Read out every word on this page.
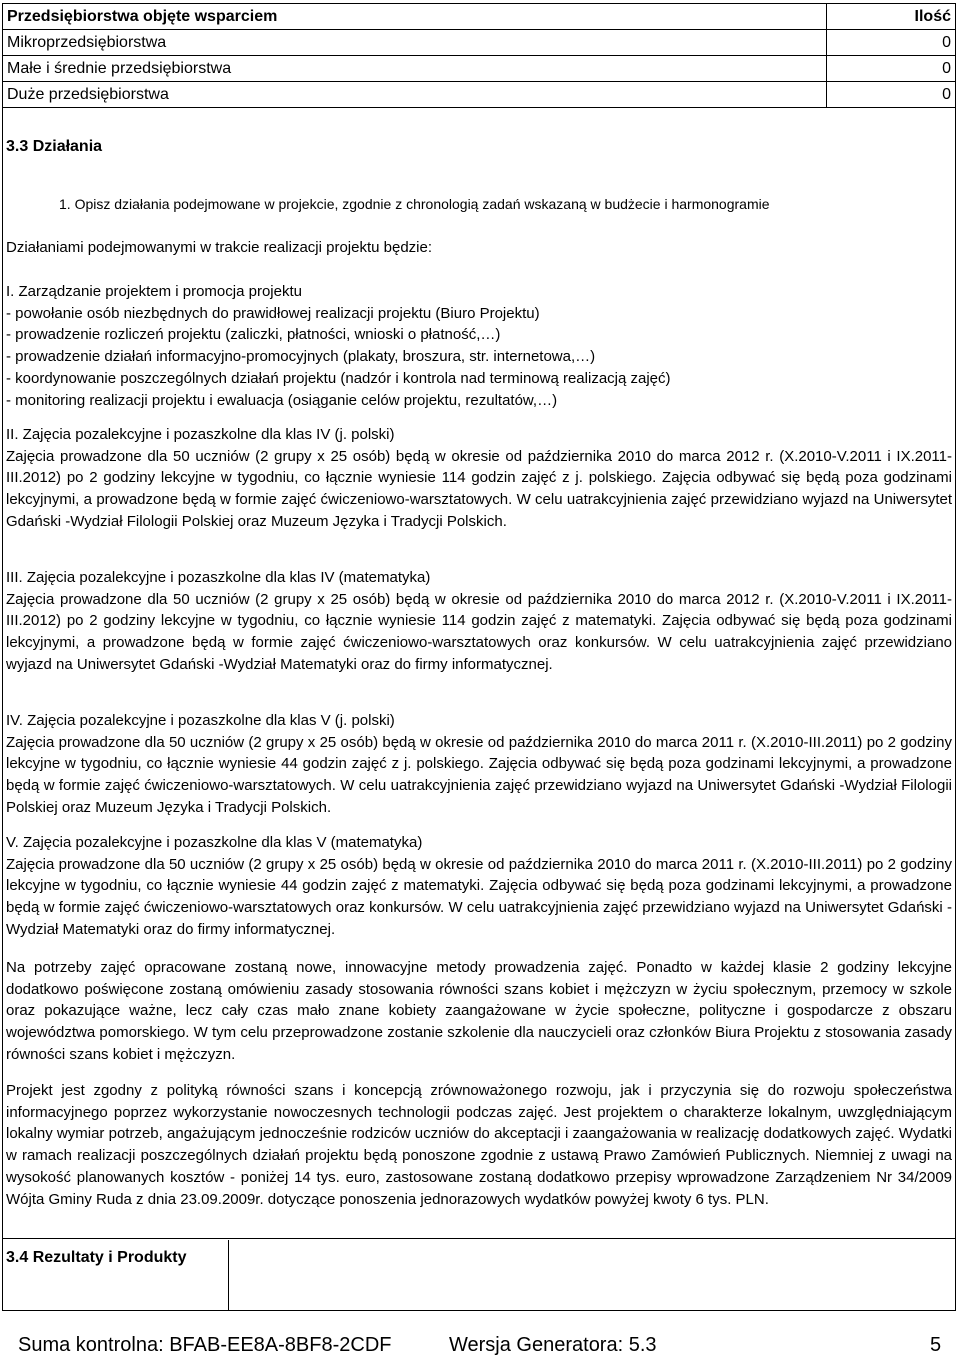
Przedsiębiorstwa objęte wsparciem	Ilość
Mikroprzedsiębiorstwa	0
Małe i średnie przedsiębiorstwa	0
Duże przedsiębiorstwa	0
3.3 Działania
1. Opisz działania podejmowane w projekcie, zgodnie z chronologią zadań wskazaną w budżecie i harmonogramie
Działaniami podejmowanymi w trakcie realizacji projektu będzie:
I. Zarządzanie projektem i promocja projektu
- powołanie osób niezbędnych do prawidłowej realizacji projektu (Biuro Projektu)
- prowadzenie rozliczeń projektu (zaliczki, płatności, wnioski o płatność,…)
- prowadzenie działań informacyjno-promocyjnych (plakaty, broszura, str. internetowa,…)
- koordynowanie poszczególnych działań projektu (nadzór i kontrola nad terminową realizacją zajęć)
- monitoring realizacji projektu i ewaluacja (osiąganie celów projektu, rezultatów,…)
II. Zajęcia pozalekcyjne i pozaszkolne dla klas IV (j. polski)
Zajęcia prowadzone dla 50 uczniów (2 grupy x 25 osób) będą w okresie od października 2010 do marca 2012 r. (X.2010-V.2011 i IX.2011-III.2012) po 2 godziny lekcyjne w tygodniu, co łącznie wyniesie 114 godzin zajęć z j. polskiego. Zajęcia odbywać się będą poza godzinami lekcyjnymi, a prowadzone będą w formie zajęć ćwiczeniowo-warsztatowych. W celu uatrakcyjnienia zajęć przewidziano wyjazd na Uniwersytet Gdański -Wydział Filologii Polskiej oraz Muzeum Języka i Tradycji Polskich.
III. Zajęcia pozalekcyjne i pozaszkolne dla klas IV (matematyka)
Zajęcia prowadzone dla 50 uczniów (2 grupy x 25 osób) będą w okresie od października 2010 do marca 2012 r. (X.2010-V.2011 i IX.2011-III.2012) po 2 godziny lekcyjne w tygodniu, co łącznie wyniesie 114 godzin zajęć z matematyki. Zajęcia odbywać się będą poza godzinami lekcyjnymi, a prowadzone będą w formie zajęć ćwiczeniowo-warsztatowych oraz konkursów. W celu uatrakcyjnienia zajęć przewidziano wyjazd na Uniwersytet Gdański -Wydział Matematyki oraz do firmy informatycznej.
IV. Zajęcia pozalekcyjne i pozaszkolne dla klas V (j. polski)
Zajęcia prowadzone dla 50 uczniów (2 grupy x 25 osób) będą w okresie od października 2010 do marca 2011 r. (X.2010-III.2011) po 2 godziny lekcyjne w tygodniu, co łącznie wyniesie 44 godzin zajęć z j. polskiego. Zajęcia odbywać się będą poza godzinami lekcyjnymi, a prowadzone będą w formie zajęć ćwiczeniowo-warsztatowych. W celu uatrakcyjnienia zajęć przewidziano wyjazd na Uniwersytet Gdański -Wydział Filologii Polskiej oraz Muzeum Języka i Tradycji Polskich.
V. Zajęcia pozalekcyjne i pozaszkolne dla klas V (matematyka)
Zajęcia prowadzone dla 50 uczniów (2 grupy x 25 osób) będą w okresie od października 2010 do marca 2011 r. (X.2010-III.2011) po 2 godziny lekcyjne w tygodniu, co łącznie wyniesie 44 godzin zajęć z matematyki. Zajęcia odbywać się będą poza godzinami lekcyjnymi, a prowadzone będą w formie zajęć ćwiczeniowo-warsztatowych oraz konkursów. W celu uatrakcyjnienia zajęć przewidziano wyjazd na Uniwersytet Gdański -Wydział Matematyki oraz do firmy informatycznej.
Na potrzeby zajęć opracowane zostaną nowe, innowacyjne metody prowadzenia zajęć. Ponadto w każdej klasie 2 godziny lekcyjne dodatkowo poświęcone zostaną omówieniu zasady stosowania równości szans kobiet i mężczyzn w życiu społecznym, przemocy w szkole oraz pokazujące ważne, lecz cały czas mało znane kobiety zaangażowane w życie społeczne, polityczne i gospodarcze z obszaru województwa pomorskiego. W tym celu przeprowadzone zostanie szkolenie dla nauczycieli oraz członków Biura Projektu z stosowania zasady równości szans kobiet i mężczyzn.
Projekt jest zgodny z polityką równości szans i koncepcją zrównoważonego rozwoju, jak i przyczynia się do rozwoju społeczeństwa informacyjnego poprzez wykorzystanie nowoczesnych technologii podczas zajęć. Jest projektem o charakterze lokalnym, uwzględniającym lokalny wymiar potrzeb, angażującym jednocześnie rodziców uczniów do akceptacji i zaangażowania w realizację dodatkowych zajęć. Wydatki w ramach realizacji poszczególnych działań projektu będą ponoszone zgodnie z ustawą Prawo Zamówień Publicznych. Niemniej z uwagi na wysokość planowanych kosztów - poniżej 14 tys. euro, zastosowane zostaną dodatkowo przepisy wprowadzone Zarządzeniem Nr 34/2009 Wójta Gminy Ruda z dnia 23.09.2009r. dotyczące ponoszenia jednorazowych wydatków powyżej kwoty 6 tys. PLN.
3.4 Rezultaty i Produkty
Suma kontrolna: BFAB-EE8A-8BF8-2CDF	Wersja Generatora: 5.3	5
